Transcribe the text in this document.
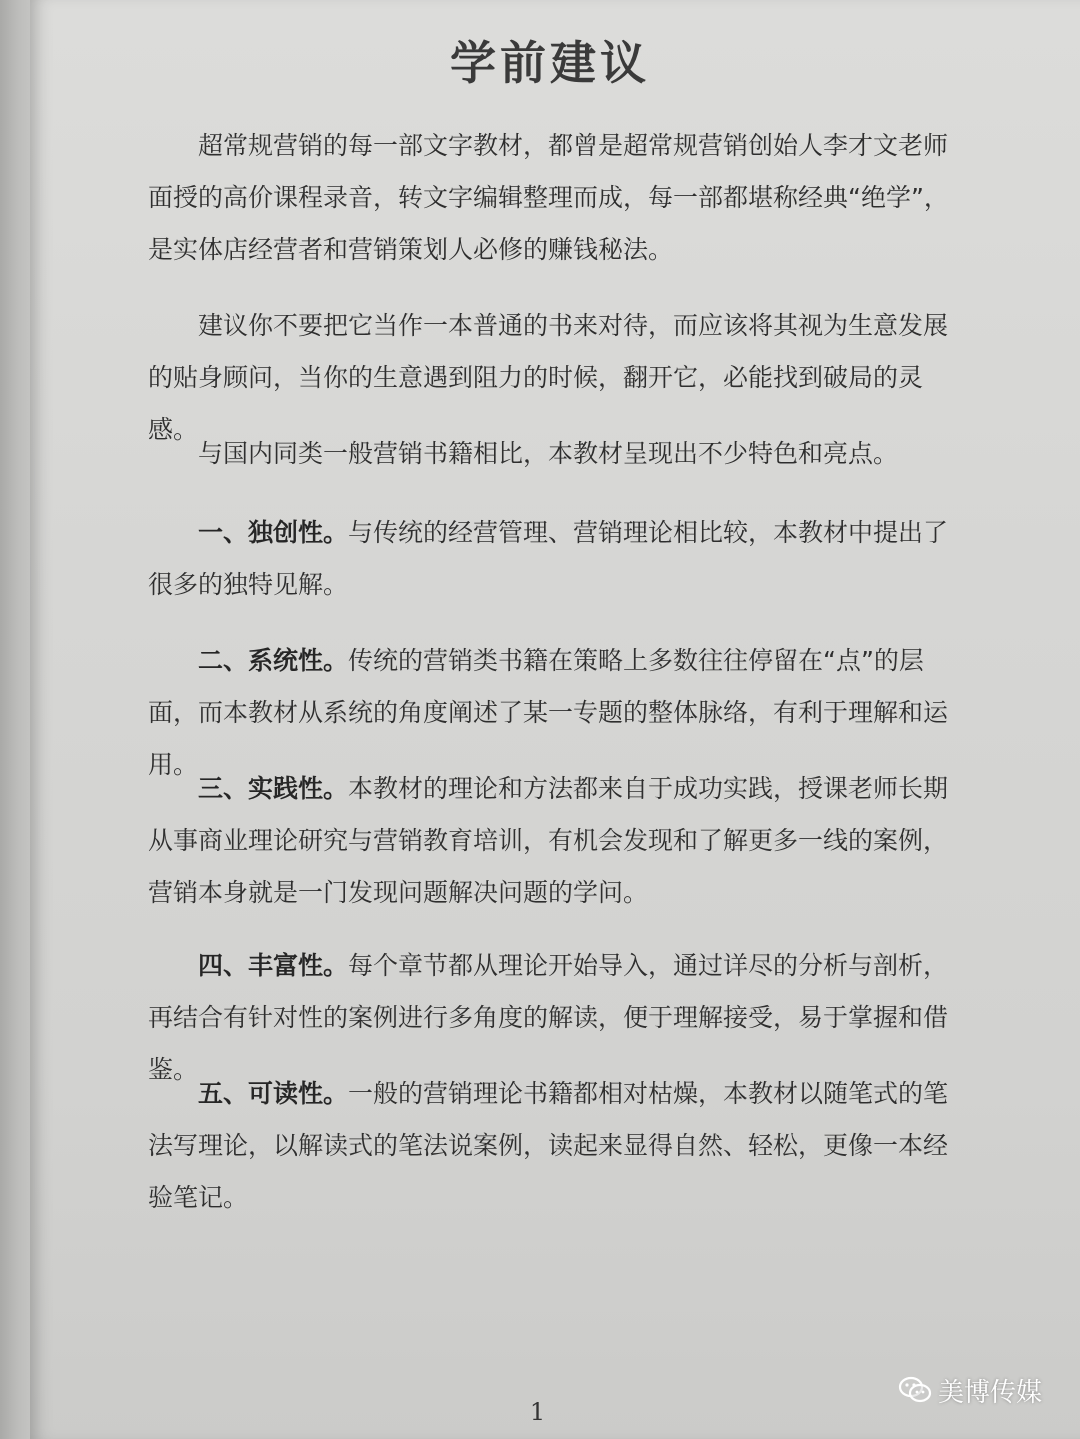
学前建议

超常规营销的每一部文字教材，都曾是超常规营销创始人李才文老师面授的高价课程录音，转文字编辑整理而成，每一部都堪称经典“绝学”，是实体店经营者和营销策划人必修的赚钱秘法。

建议你不要把它当作一本普通的书来对待，而应该将其视为生意发展的贴身顾问，当你的生意遇到阻力的时候，翻开它，必能找到破局的灵感。

与国内同类一般营销书籍相比，本教材呈现出不少特色和亮点。

一、独创性。与传统的经营管理、营销理论相比较，本教材中提出了很多的独特见解。

二、系统性。传统的营销类书籍在策略上多数往往停留在“点”的层面，而本教材从系统的角度阐述了某一专题的整体脉络，有利于理解和运用。

三、实践性。本教材的理论和方法都来自于成功实践，授课老师长期从事商业理论研究与营销教育培训，有机会发现和了解更多一线的案例，营销本身就是一门发现问题解决问题的学问。

四、丰富性。每个章节都从理论开始导入，通过详尽的分析与剖析，再结合有针对性的案例进行多角度的解读，便于理解接受，易于掌握和借鉴。

五、可读性。一般的营销理论书籍都相对枯燥，本教材以随笔式的笔法写理论，以解读式的笔法说案例，读起来显得自然、轻松，更像一本经验笔记。

1
美博传媒
